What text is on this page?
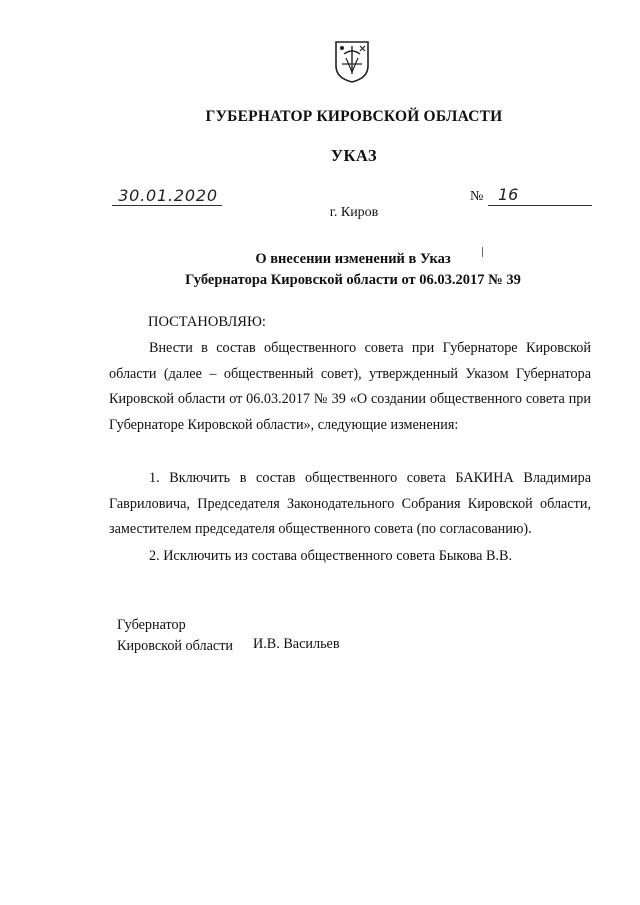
ГУБЕРНАТОР КИРОВСКОЙ ОБЛАСТИ
УКАЗ
30.01.2020	№ 16
г. Киров
О внесении изменений в Указ
Губернатора Кировской области от 06.03.2017 № 39
ПОСТАНОВЛЯЮ:

Внести в состав общественного совета при Губернаторе Кировской области (далее – общественный совет), утвержденный Указом Губернатора Кировской области от 06.03.2017 № 39 «О создании общественного совета при Губернаторе Кировской области», следующие изменения:

1. Включить в состав общественного совета БАКИНА Владимира Гавриловича, Председателя Законодательного Собрания Кировской области, заместителем председателя общественного совета (по согласованию).

2. Исключить из состава общественного совета Быкова В.В.

Губернатор
Кировской области И.В. Васильев
